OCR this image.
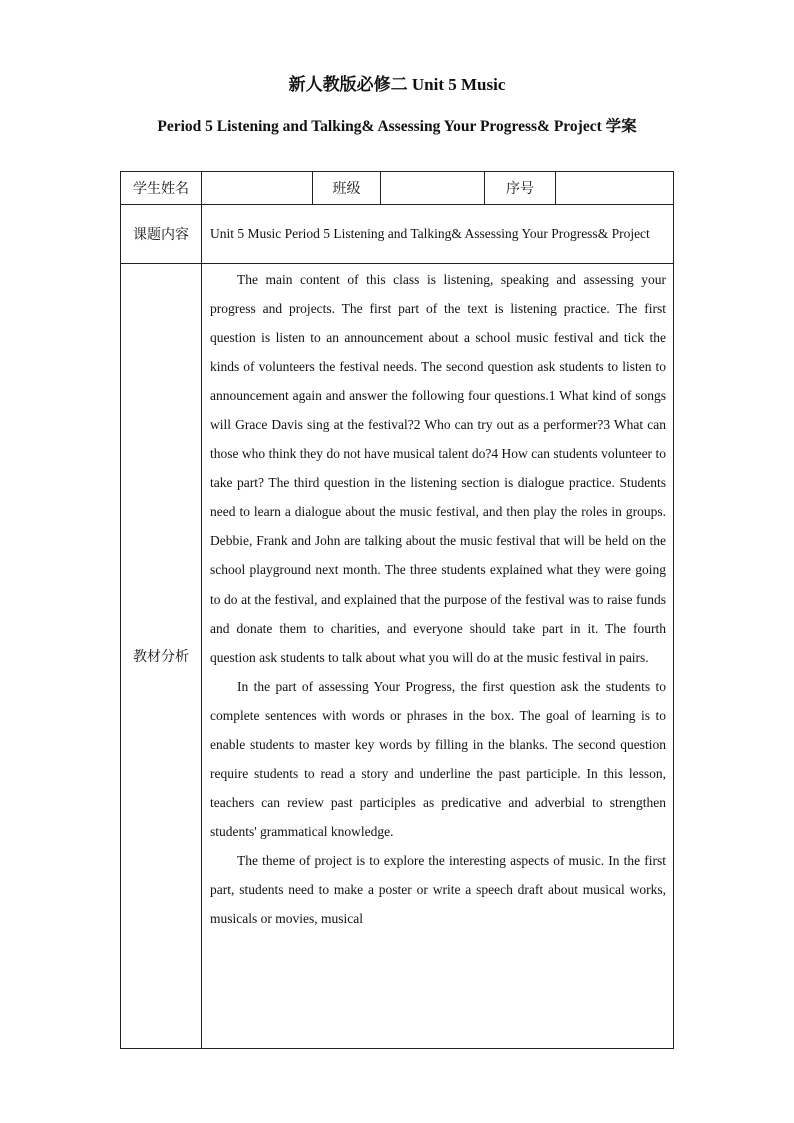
新人教版必修二 Unit 5 Music
Period 5 Listening and Talking& Assessing Your Progress& Project 学案
学生姓名		班级		序号	
课题内容	Unit 5 Music Period 5 Listening and Talking& Assessing Your Progress& Project				
教材分析	The main content of this class is listening, speaking and assessing your progress and projects. The first part of the text is listening practice. The first question is listen to an announcement about a school music festival and tick the kinds of volunteers the festival needs. The second question ask students to listen to announcement again and answer the following four questions.1 What kind of songs will Grace Davis sing at the festival?2 Who can try out as a performer?3 What can those who think they do not have musical talent do?4 How can students volunteer to take part? The third question in the listening section is dialogue practice. Students need to learn a dialogue about the music festival, and then play the roles in groups. Debbie, Frank and John are talking about the music festival that will be held on the school playground next month. The three students explained what they were going to do at the festival, and explained that the purpose of the festival was to raise funds and donate them to charities, and everyone should take part in it. The fourth question ask students to talk about what you will do at the music festival in pairs.

In the part of assessing Your Progress, the first question ask the students to complete sentences with words or phrases in the box. The goal of learning is to enable students to master key words by filling in the blanks. The second question require students to read a story and underline the past participle. In this lesson, teachers can review past participles as predicative and adverbial to strengthen students' grammatical knowledge.

The theme of project is to explore the interesting aspects of music. In the first part, students need to make a poster or write a speech draft about musical works, musicals or movies, musical				
